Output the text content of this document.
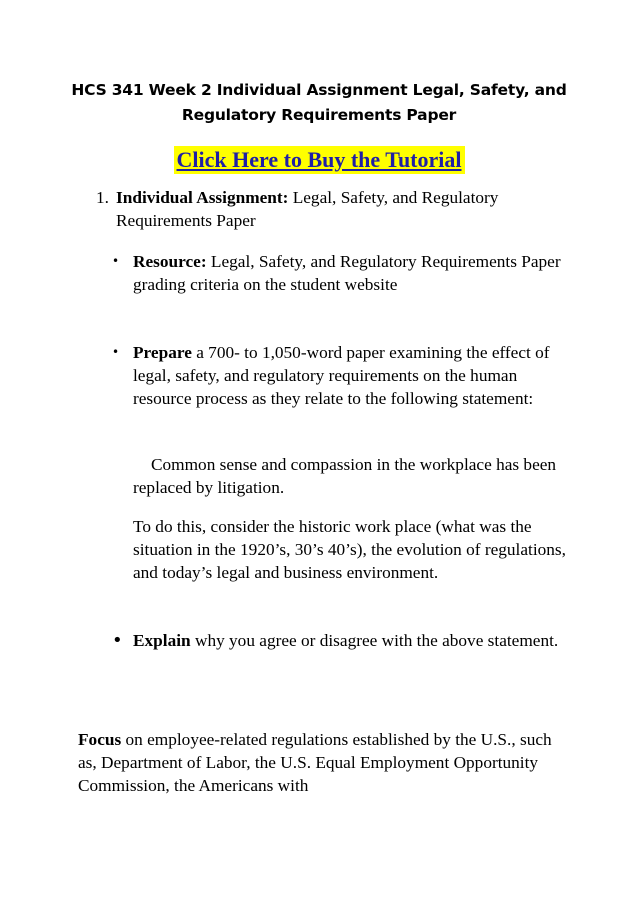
HCS 341 Week 2 Individual Assignment Legal, Safety, and
Regulatory Requirements Paper
Click Here to Buy the Tutorial
1. Individual Assignment: Legal, Safety, and Regulatory Requirements Paper
• Resource: Legal, Safety, and Regulatory Requirements Paper grading criteria on the student website
• Prepare a 700- to 1,050-word paper examining the effect of legal, safety, and regulatory requirements on the human resource process as they relate to the following statement:
Common sense and compassion in the workplace has been replaced by litigation.
To do this, consider the historic work place (what was the situation in the 1920’s, 30’s 40’s), the evolution of regulations, and today’s legal and business environment.
• Explain why you agree or disagree with the above statement.
Focus on employee-related regulations established by the U.S., such as, Department of Labor, the U.S. Equal Employment Opportunity Commission, the Americans with
